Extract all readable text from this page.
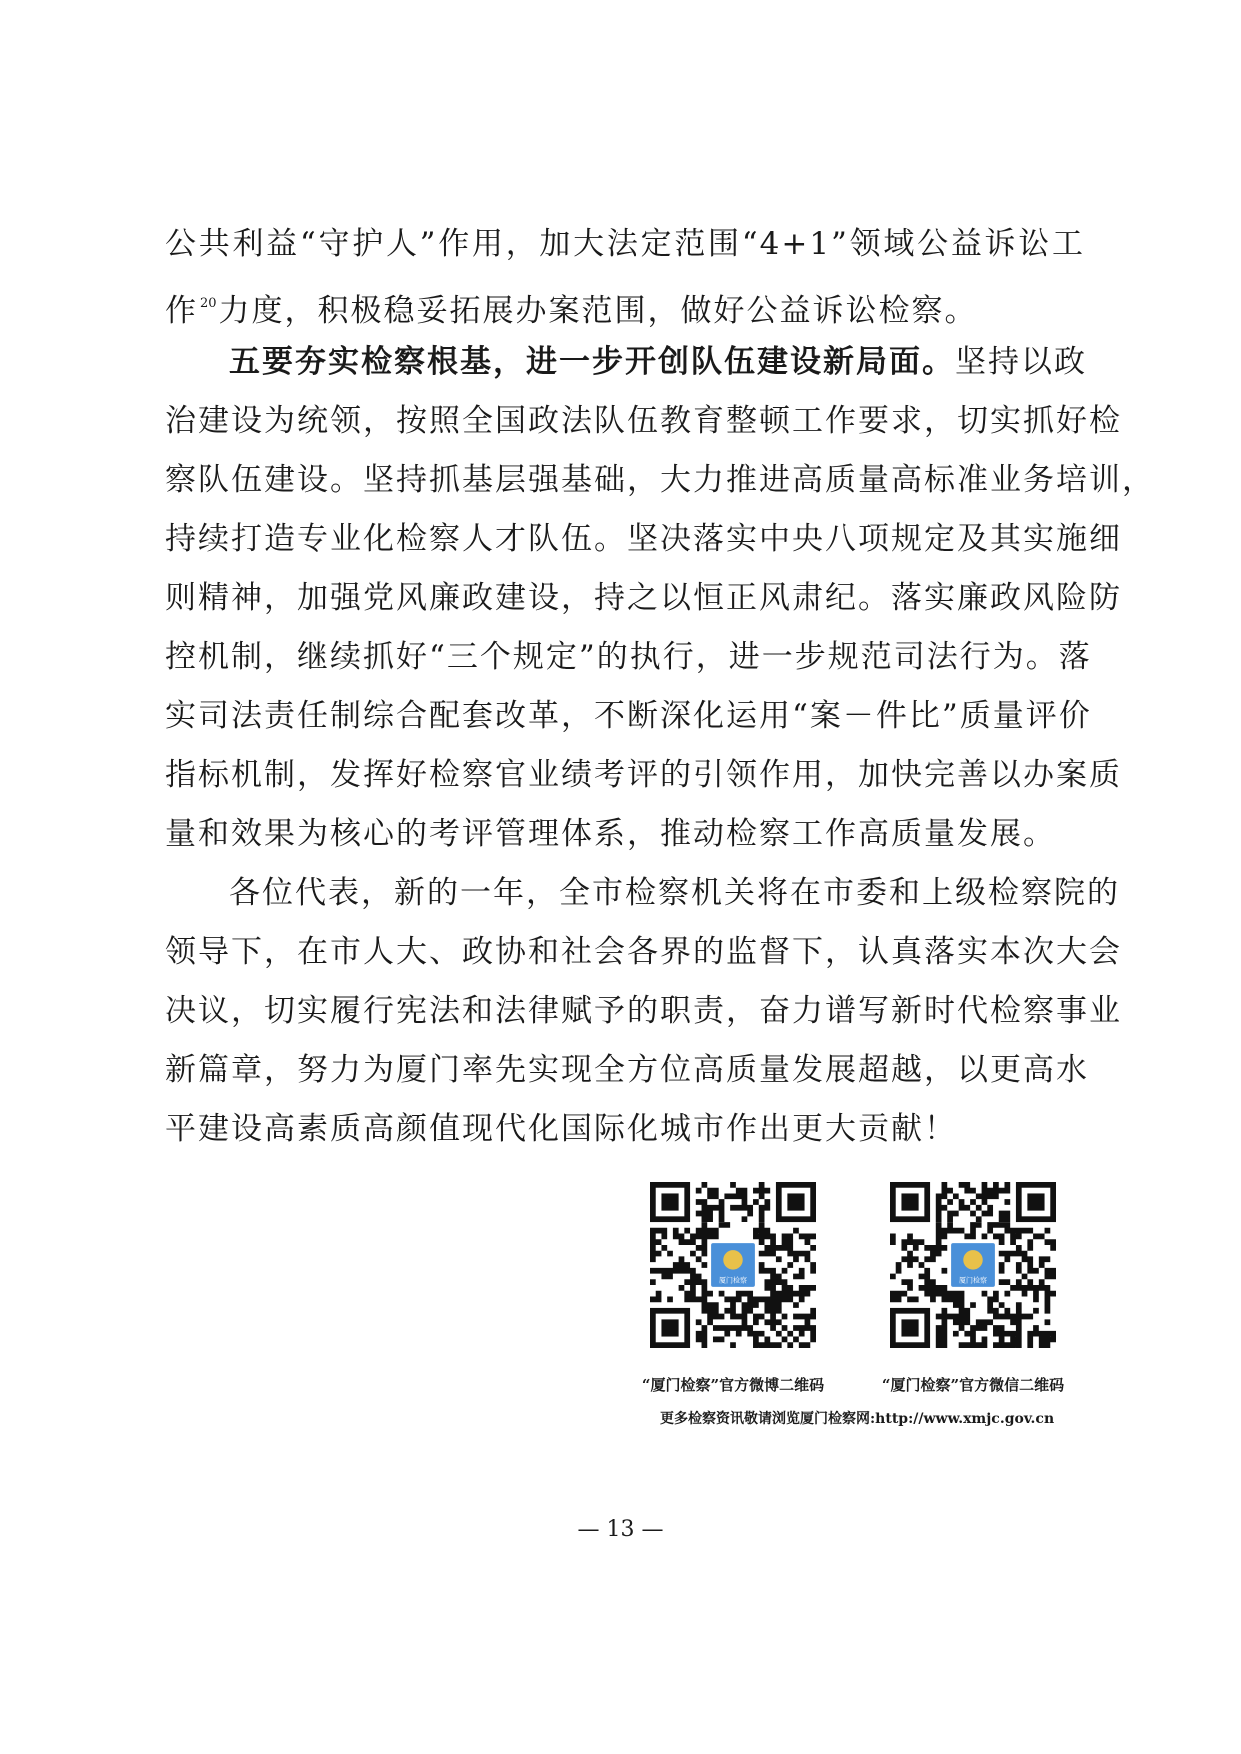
公共利益“守护人”作用，加大法定范围“4+1”领域公益诉讼工
作 $^{20}$力度，积极稳妥拓展办案范围，做好公益诉讼检察。
五要夯实检察根基，进一步开创队伍建设新局面。坚持以政
治建设为统领，按照全国政法队伍教育整顿工作要求，切实抓好检
察队伍建设。坚持抓基层强基础，大力推进高质量高标准业务培训，
持续打造专业化检察人才队伍。坚决落实中央八项规定及其实施细
则精神，加强党风廉政建设，持之以恒正风肃纪。落实廉政风险防
控机制，继续抓好“三个规定”的执行，进一步规范司法行为。落
实司法责任制综合配套改革，不断深化运用“案－件比”质量评价
指标机制，发挥好检察官业绩考评的引领作用，加快完善以办案质
量和效果为核心的考评管理体系，推动检察工作高质量发展。
各位代表，新的一年，全市检察机关将在市委和上级检察院的
领导下，在市人大、政协和社会各界的监督下，认真落实本次大会
决议，切实履行宪法和法律赋予的职责，奋力谱写新时代检察事业
新篇章，努力为厦门率先实现全方位高质量发展超越，以更高水
平建设高素质高颜值现代化国际化城市作出更大贡献！
厦门检察	厦门检察
“厦门检察”官方微博二维码	“厦门检察”官方微信二维码
更多检察资讯敬请浏览厦门检察网:http://www.xmjc.gov.cn
— 13 —
